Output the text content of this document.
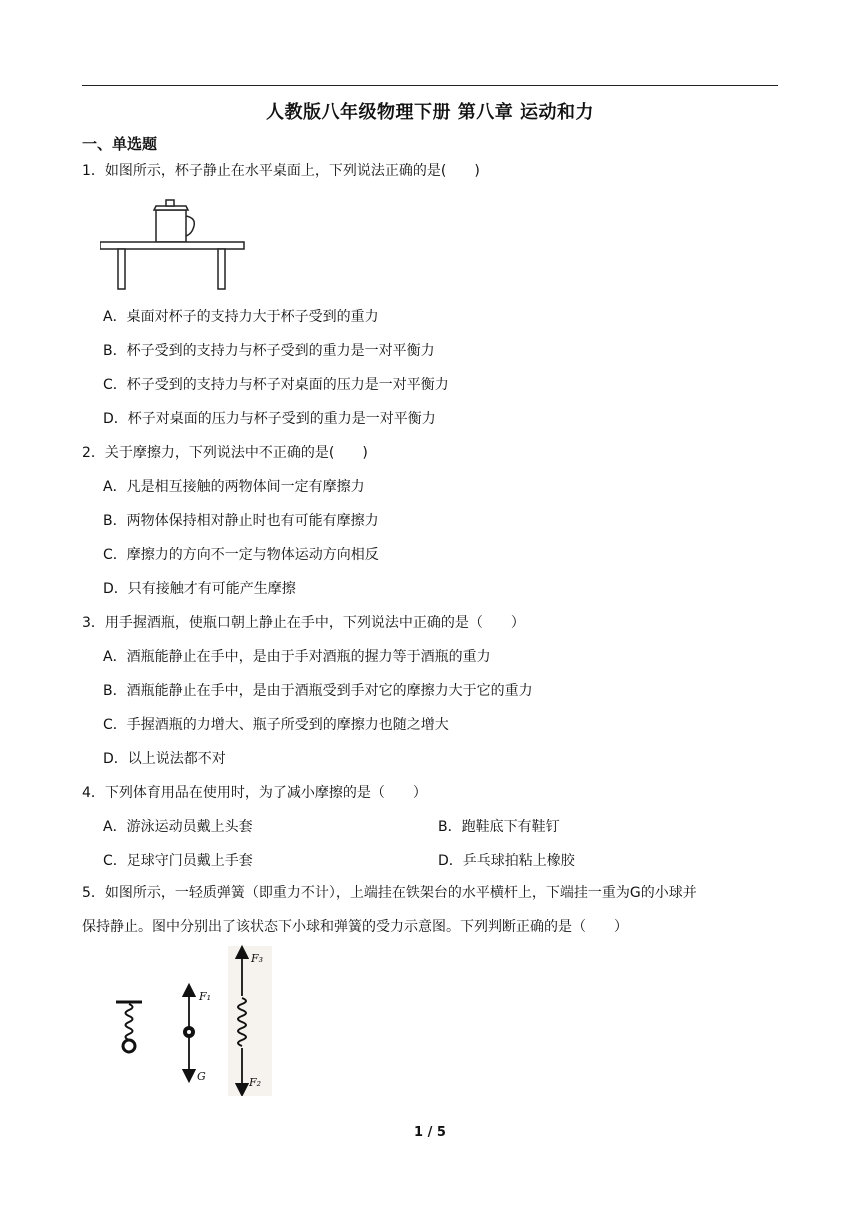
人教版八年级物理下册 第八章 运动和力
一、单选题
1．如图所示，杯子静止在水平桌面上，下列说法正确的是(　　)
A．桌面对杯子的支持力大于杯子受到的重力
B．杯子受到的支持力与杯子受到的重力是一对平衡力
C．杯子受到的支持力与杯子对桌面的压力是一对平衡力
D．杯子对桌面的压力与杯子受到的重力是一对平衡力
2．关于摩擦力，下列说法中不正确的是(　　)
A．凡是相互接触的两物体间一定有摩擦力
B．两物体保持相对静止时也有可能有摩擦力
C．摩擦力的方向不一定与物体运动方向相反
D．只有接触才有可能产生摩擦
3．用手握酒瓶，使瓶口朝上静止在手中，下列说法中正确的是（　　）
A．酒瓶能静止在手中，是由于手对酒瓶的握力等于酒瓶的重力
B．酒瓶能静止在手中，是由于酒瓶受到手对它的摩擦力大于它的重力
C．手握酒瓶的力增大、瓶子所受到的摩擦力也随之增大
D．以上说法都不对
4．下列体育用品在使用时，为了减小摩擦的是（　　）
A．游泳运动员戴上头套	B．跑鞋底下有鞋钉
C．足球守门员戴上手套	D．乒乓球拍粘上橡胶
5．如图所示，一轻质弹簧（即重力不计），上端挂在铁架台的水平横杆上，下端挂一重为G的小球并
保持静止。图中分别出了该状态下小球和弹簧的受力示意图。下列判断正确的是（　　）
F₁
G
F₃
F₂
1 / 5
